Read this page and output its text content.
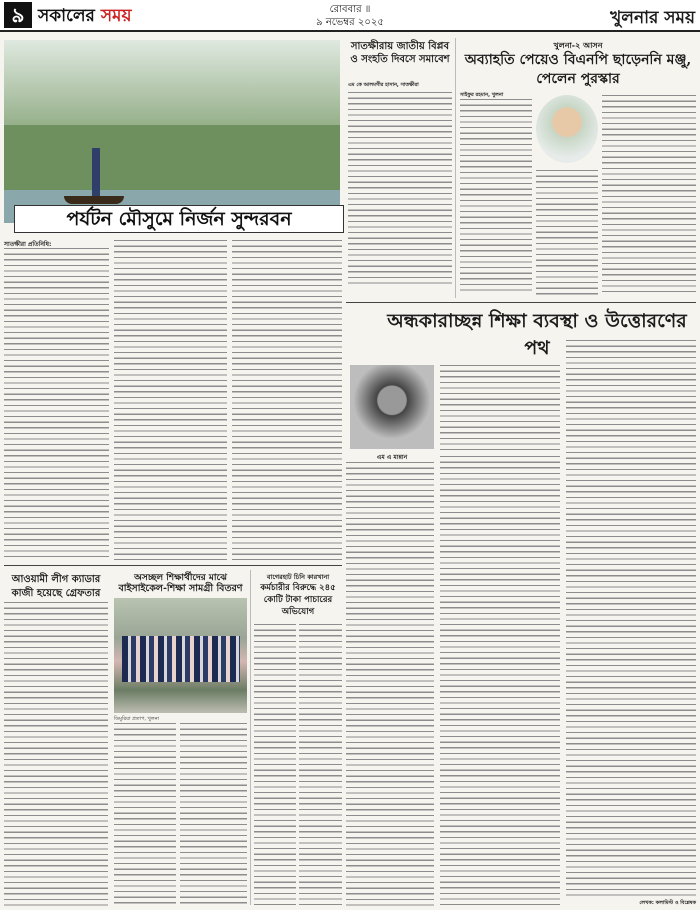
৯ সকালের সময়	রোববার ॥
৯ নভেম্বর ২০২৫	খুলনার সময়
পর্যটন মৌসুমে নির্জন সুন্দরবন
সাতক্ষীরা প্রতিনিধি:
সাতক্ষীরায় জাতীয় বিপ্লব ও সংহতি দিবসে সমাবেশ
এম কে আলমগীর হাসান, সাতক্ষীরা
খুলনা-২ আসন
অব্যাহতি পেয়েও বিএনপি ছাড়েননি মঞ্জু, পেলেন পুরস্কার
সাইফুর রহমান, খুলনা
অন্ধকারাচ্ছন্ন শিক্ষা ব্যবস্থা ও উত্তোরণের পথ
এম এ মান্নান
লেখক: কলামিস্ট ও বিশ্লেষক
আওয়ামী লীগ ক্যাডার
কাজী হয়েছে গ্রেফতার
অসচ্ছল শিক্ষার্থীদের মাঝে
বাইসাইকেল-শিক্ষা সামগ্রী বিতরণ
ডিমুরিয়া প্রতাপ, খুলনা
বাগেরহাট চিনি কারখানা
কর্মচারীর বিরুদ্ধে ২৪৫ কোটি টাকা পাচারের অভিযোগ
